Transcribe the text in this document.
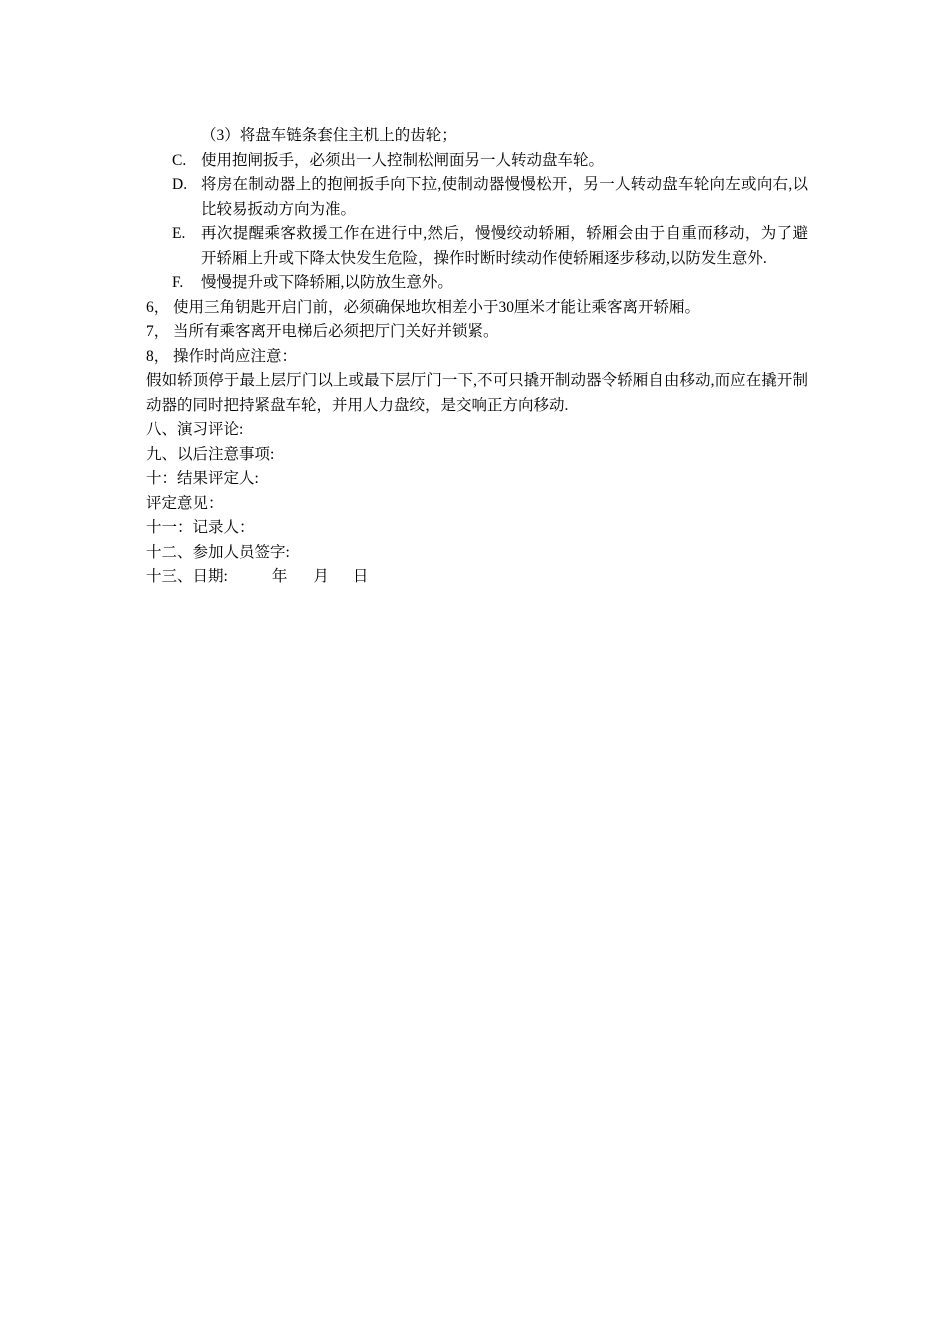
（3）将盘车链条套住主机上的齿轮；
C. 使用抱闸扳手，必须出一人控制松闸面另一人转动盘车轮。
D. 将房在制动器上的抱闸扳手向下拉,使制动器慢慢松开，另一人转动盘车轮向左或向右,以比较易扳动方向为准。
E. 再次提醒乘客救援工作在进行中,然后，慢慢绞动轿厢，轿厢会由于自重而移动，为了避开轿厢上升或下降太快发生危险，操作时断时续动作使轿厢逐步移动,以防发生意外.
F. 慢慢提升或下降轿厢,以防放生意外。
6， 使用三角钥匙开启门前，必须确保地坎相差小于30厘米才能让乘客离开轿厢。
7， 当所有乘客离开电梯后必须把厅门关好并锁紧。
8， 操作时尚应注意：
假如轿顶停于最上层厅门以上或最下层厅门一下,不可只撬开制动器令轿厢自由移动,而应在撬开制动器的同时把持紧盘车轮，并用人力盘绞，是交响正方向移动.
八、演习评论:
九、以后注意事项:
十：结果评定人:
评定意见：
十一：记录人：
十二、参加人员签字:
十三、日期:	年 月 日
